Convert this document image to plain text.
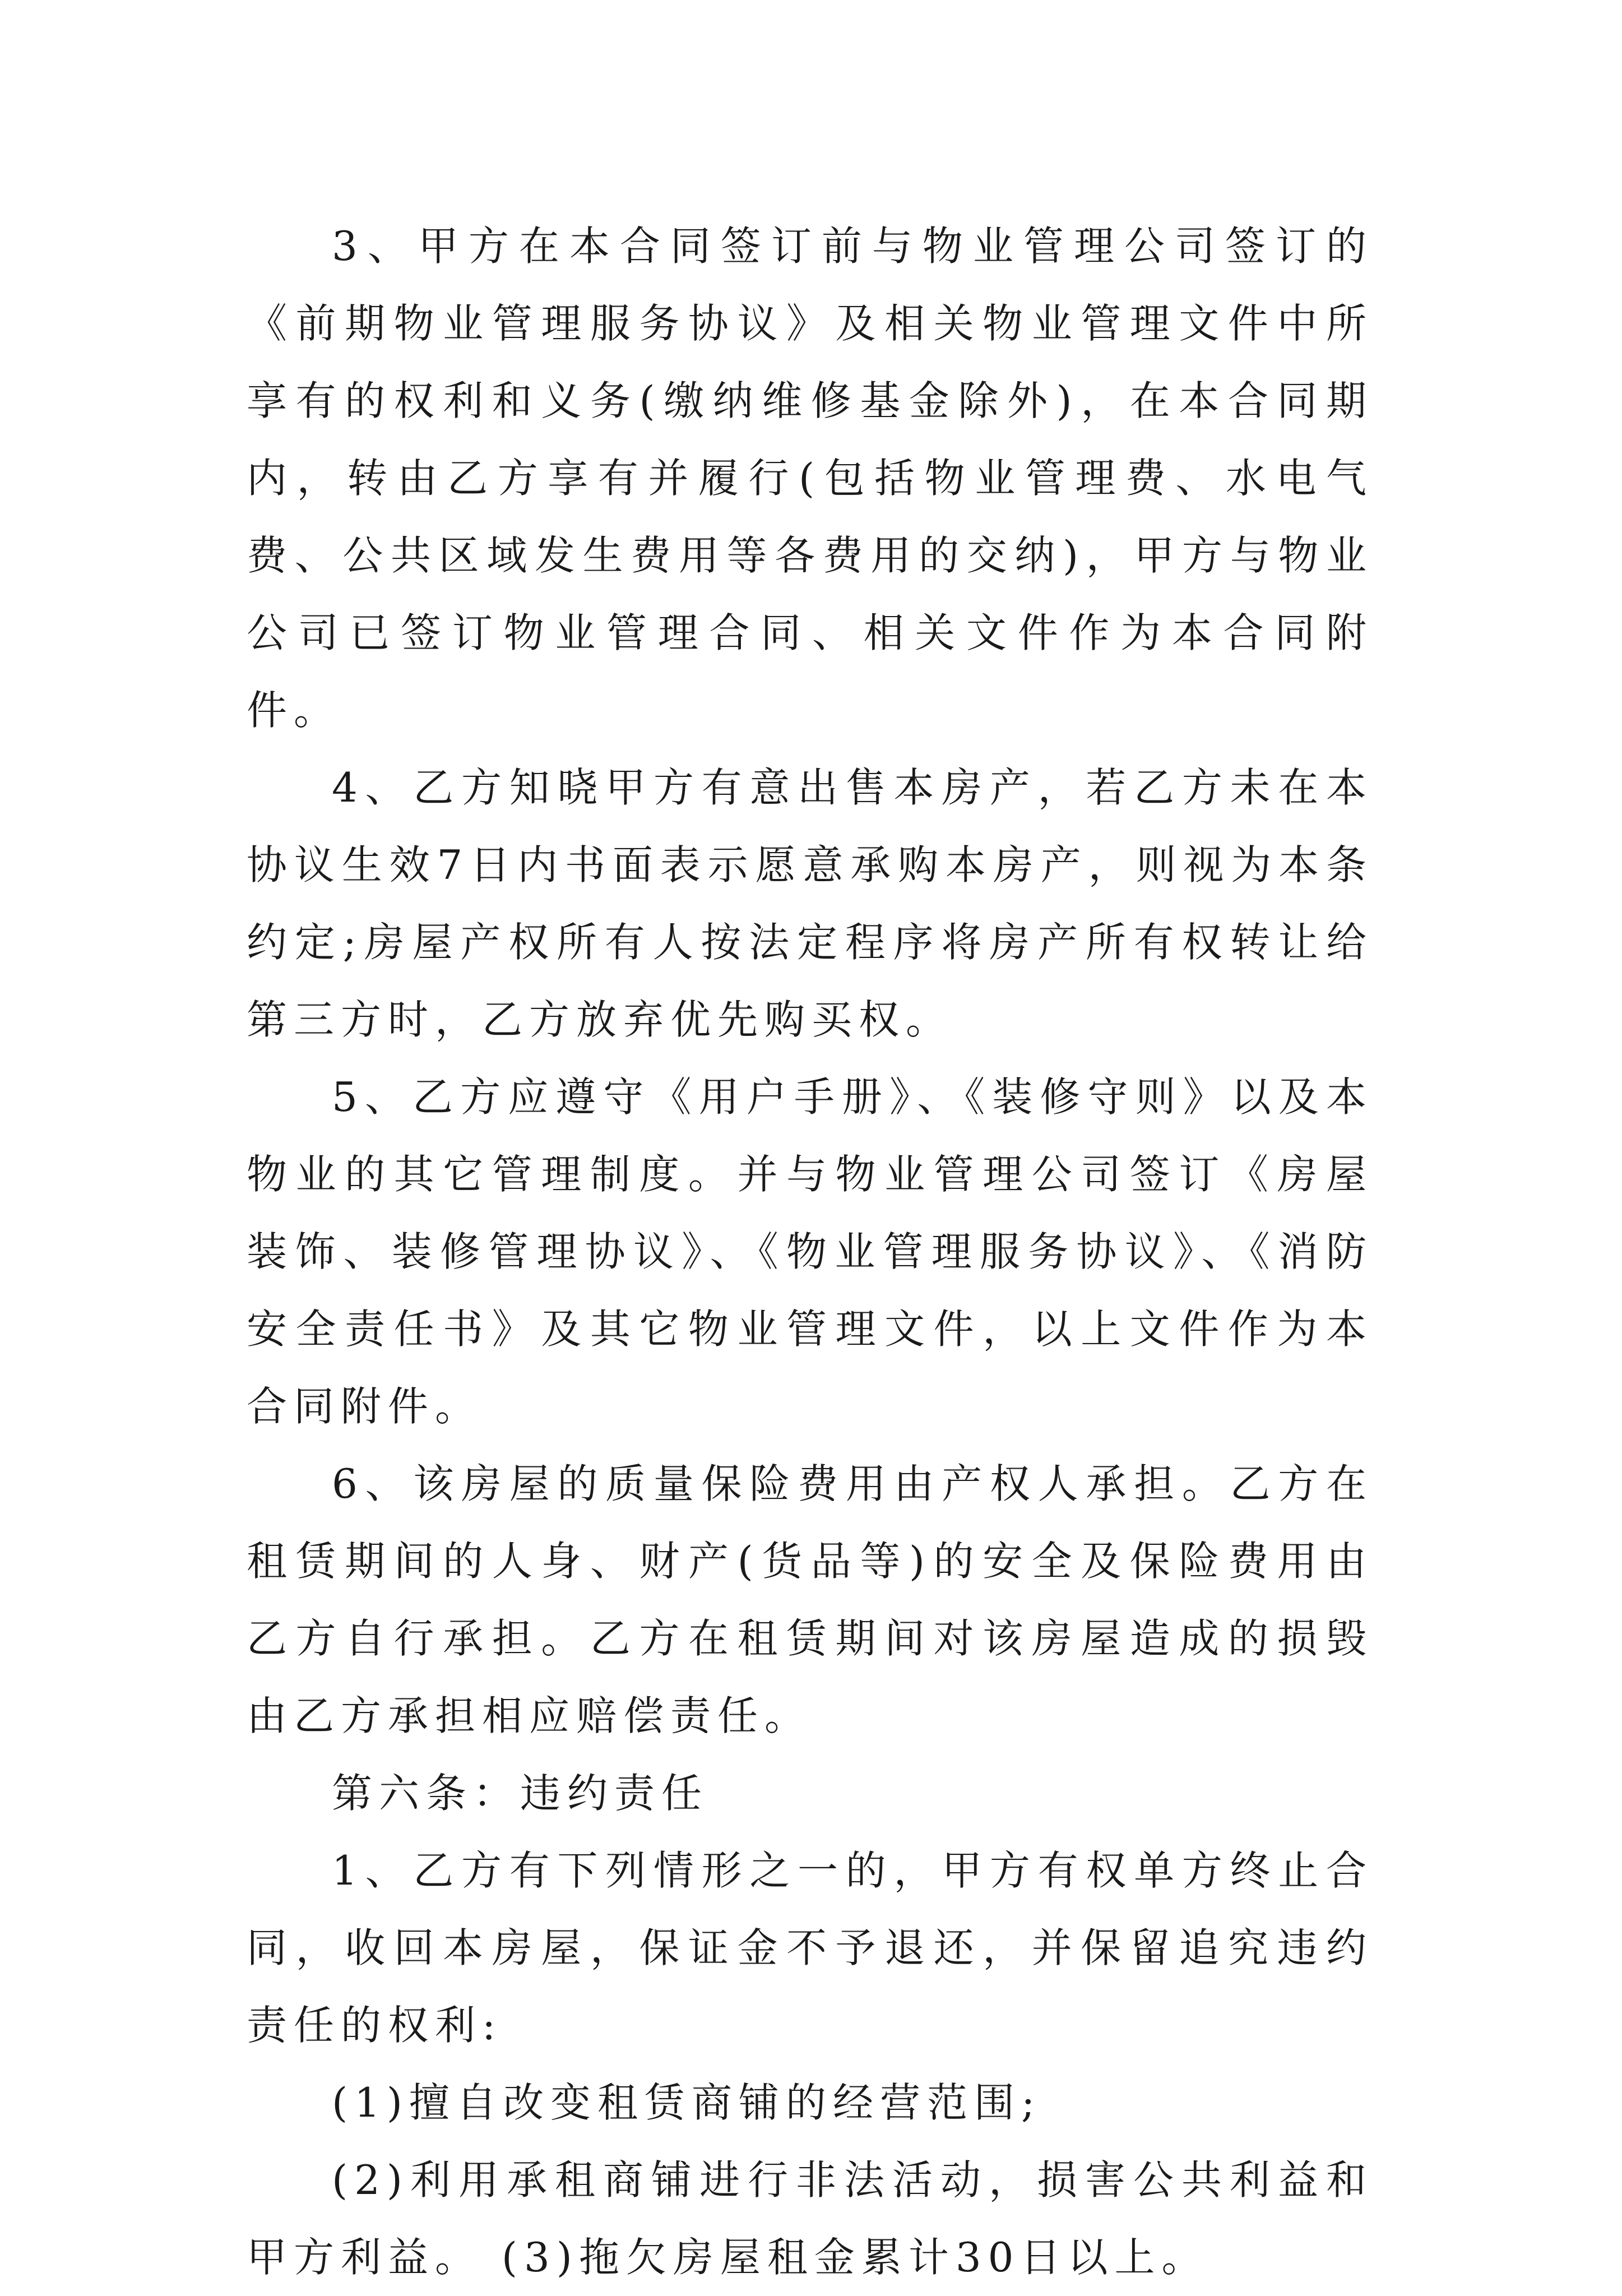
3、甲方在本合同签订前与物业管理公司签订的《前期物业管理服务协议》及相关物业管理文件中所享有的权利和义务(缴纳维修基金除外)，在本合同期内，转由乙方享有并履行(包括物业管理费、水电气费、公共区域发生费用等各费用的交纳)，甲方与物业公司已签订物业管理合同、相关文件作为本合同附件。

4、乙方知晓甲方有意出售本房产，若乙方未在本协议生效7日内书面表示愿意承购本房产，则视为本条约定;房屋产权所有人按法定程序将房产所有权转让给第三方时，乙方放弃优先购买权。

5、乙方应遵守《用户手册》、《装修守则》以及本物业的其它管理制度。并与物业管理公司签订《房屋装饰、装修管理协议》、《物业管理服务协议》、《消防安全责任书》及其它物业管理文件，以上文件作为本合同附件。

6、该房屋的质量保险费用由产权人承担。乙方在租赁期间的人身、财产(货品等)的安全及保险费用由乙方自行承担。乙方在租赁期间对该房屋造成的损毁由乙方承担相应赔偿责任。

第六条：违约责任

1、乙方有下列情形之一的，甲方有权单方终止合同，收回本房屋，保证金不予退还，并保留追究违约责任的权利:

(1)擅自改变租赁商铺的经营范围;

(2)利用承租商铺进行非法活动，损害公共利益和甲方利益。 (3)拖欠房屋租金累计30日以上。
